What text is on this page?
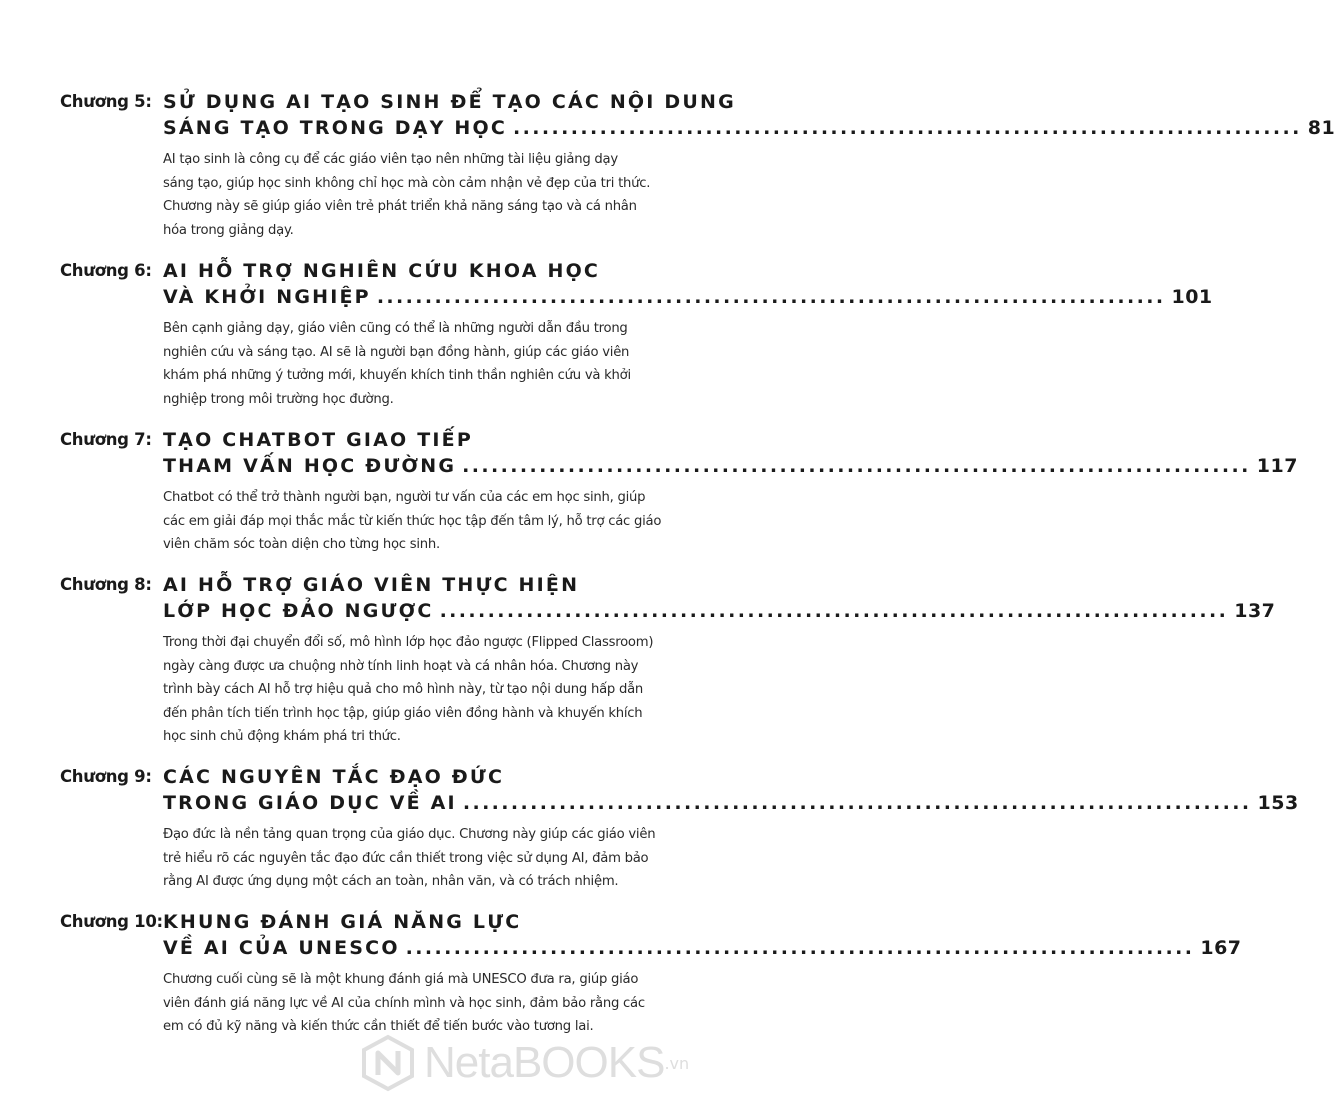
Chương 5: SỬ DỤNG AI TẠO SINH ĐỂ TẠO CÁC NỘI DUNG
SÁNG TẠO TRONG DẠY HỌC .................................................................................. 81
AI tạo sinh là công cụ để các giáo viên tạo nên những tài liệu giảng dạy
sáng tạo, giúp học sinh không chỉ học mà còn cảm nhận vẻ đẹp của tri thức.
Chương này sẽ giúp giáo viên trẻ phát triển khả năng sáng tạo và cá nhân
hóa trong giảng dạy.
Chương 6: AI HỖ TRỢ NGHIÊN CỨU KHOA HỌC
VÀ KHỞI NGHIỆP .................................................................................. 101
Bên cạnh giảng dạy, giáo viên cũng có thể là những người dẫn đầu trong
nghiên cứu và sáng tạo. AI sẽ là người bạn đồng hành, giúp các giáo viên
khám phá những ý tưởng mới, khuyến khích tinh thần nghiên cứu và khởi
nghiệp trong môi trường học đường.
Chương 7: TẠO CHATBOT GIAO TIẾP
THAM VẤN HỌC ĐƯỜNG .................................................................................. 117
Chatbot có thể trở thành người bạn, người tư vấn của các em học sinh, giúp
các em giải đáp mọi thắc mắc từ kiến thức học tập đến tâm lý, hỗ trợ các giáo
viên chăm sóc toàn diện cho từng học sinh.
Chương 8: AI HỖ TRỢ GIÁO VIÊN THỰC HIỆN
LỚP HỌC ĐẢO NGƯỢC .................................................................................. 137
Trong thời đại chuyển đổi số, mô hình lớp học đảo ngược (Flipped Classroom)
ngày càng được ưa chuộng nhờ tính linh hoạt và cá nhân hóa. Chương này
trình bày cách AI hỗ trợ hiệu quả cho mô hình này, từ tạo nội dung hấp dẫn
đến phân tích tiến trình học tập, giúp giáo viên đồng hành và khuyến khích
học sinh chủ động khám phá tri thức.
Chương 9: CÁC NGUYÊN TẮC ĐẠO ĐỨC
TRONG GIÁO DỤC VỀ AI .................................................................................. 153
Đạo đức là nền tảng quan trọng của giáo dục. Chương này giúp các giáo viên
trẻ hiểu rõ các nguyên tắc đạo đức cần thiết trong việc sử dụng AI, đảm bảo
rằng AI được ứng dụng một cách an toàn, nhân văn, và có trách nhiệm.
Chương 10: KHUNG ĐÁNH GIÁ NĂNG LỰC
VỀ AI CỦA UNESCO .................................................................................. 167
Chương cuối cùng sẽ là một khung đánh giá mà UNESCO đưa ra, giúp giáo
viên đánh giá năng lực về AI của chính mình và học sinh, đảm bảo rằng các
em có đủ kỹ năng và kiến thức cần thiết để tiến bước vào tương lai.
NetaBOOKS .vn
